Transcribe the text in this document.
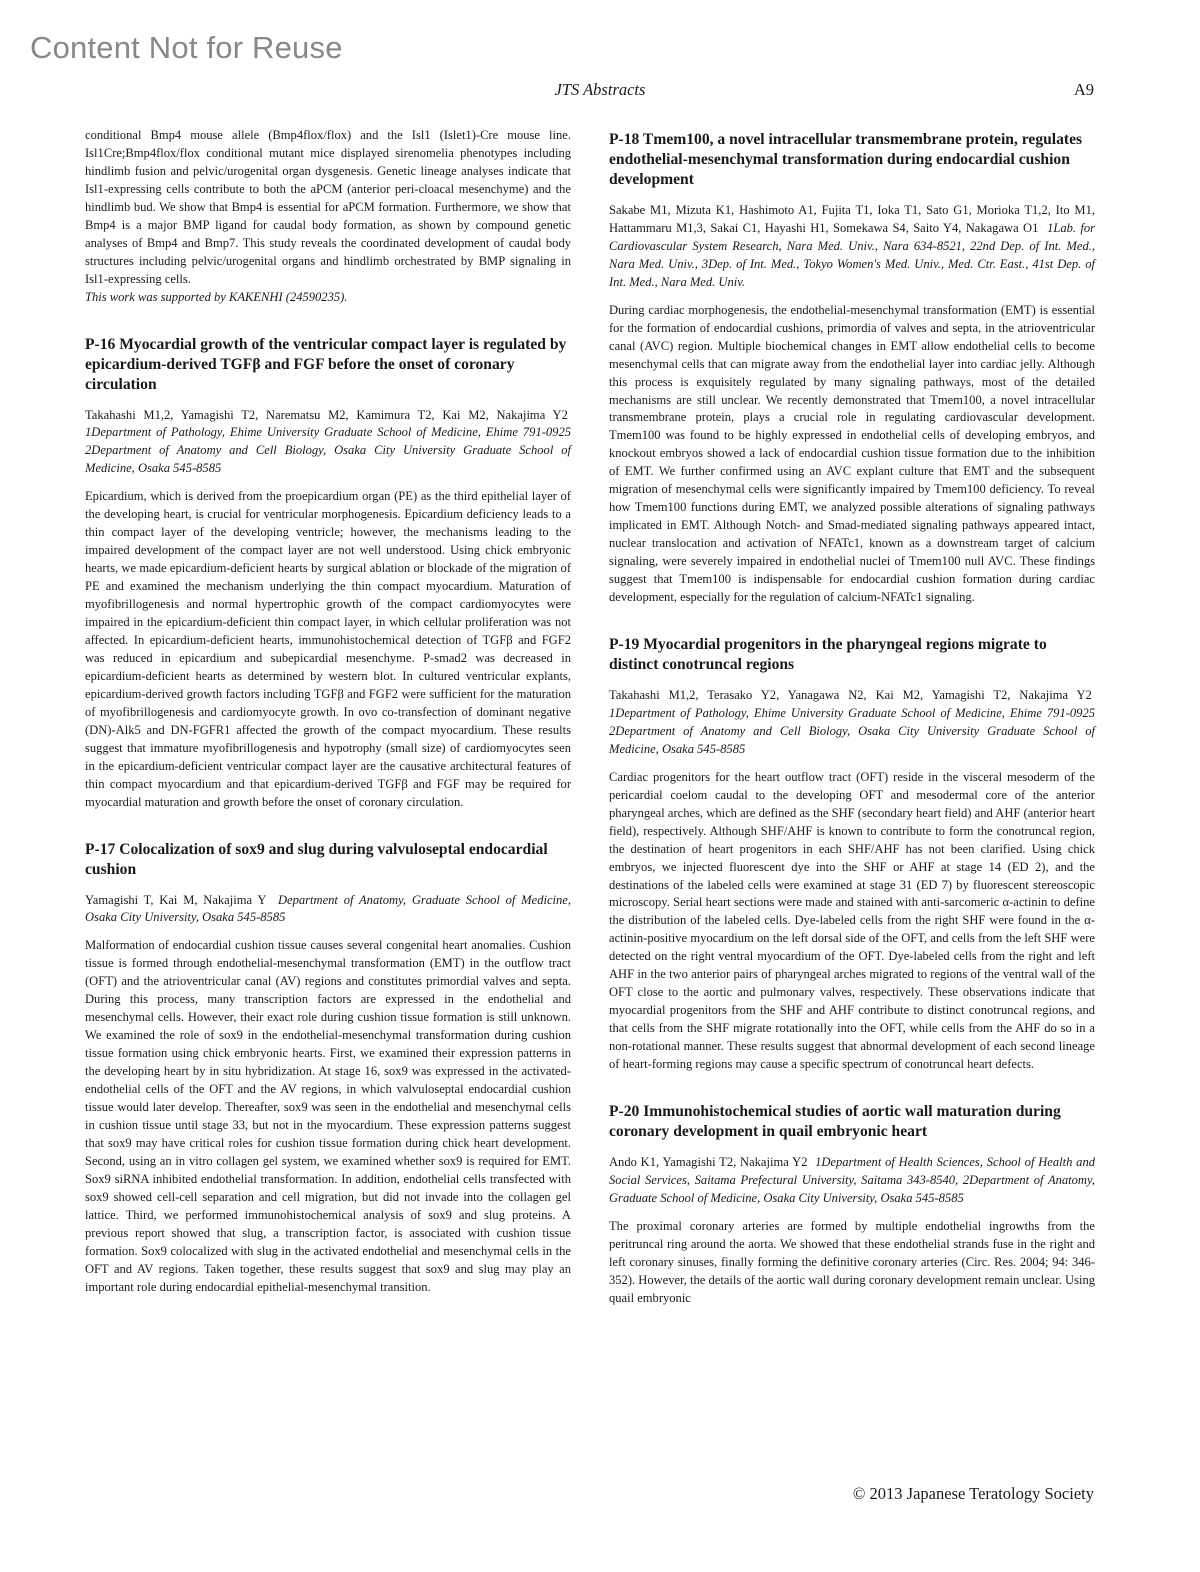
Content Not for Reuse
JTS Abstracts	A9

conditional Bmp4 mouse allele (Bmp4flox/flox) and the Isl1 (Islet1)-Cre mouse line. Isl1Cre;Bmp4flox/flox conditional mutant mice displayed sirenomelia phenotypes including hindlimb fusion and pelvic/urogenital organ dysgenesis. Genetic lineage analyses indicate that Isl1-expressing cells contribute to both the aPCM (anterior peri-cloacal mesenchyme) and the hindlimb bud. We show that Bmp4 is essential for aPCM formation. Furthermore, we show that Bmp4 is a major BMP ligand for caudal body formation, as shown by compound genetic analyses of Bmp4 and Bmp7. This study reveals the coordinated development of caudal body structures including pelvic/urogenital organs and hindlimb orchestrated by BMP signaling in Isl1-expressing cells.

This work was supported by KAKENHI (24590235).

P-16 Myocardial growth of the ventricular compact layer is regulated by epicardium-derived TGFβ and FGF before the onset of coronary circulation

Takahashi M1,2, Yamagishi T2, Narematsu M2, Kamimura T2, Kai M2, Nakajima Y2  1Department of Pathology, Ehime University Graduate School of Medicine, Ehime 791-0925 2Department of Anatomy and Cell Biology, Osaka City University Graduate School of Medicine, Osaka 545-8585

Epicardium, which is derived from the proepicardium organ (PE) as the third epithelial layer of the developing heart, is crucial for ventricular morphogenesis. Epicardium deficiency leads to a thin compact layer of the developing ventricle; however, the mechanisms leading to the impaired development of the compact layer are not well understood. Using chick embryonic hearts, we made epicardium-deficient hearts by surgical ablation or blockade of the migration of PE and examined the mechanism underlying the thin compact myocardium. Maturation of myofibrillogenesis and normal hypertrophic growth of the compact cardiomyocytes were impaired in the epicardium-deficient thin compact layer, in which cellular proliferation was not affected. In epicardium-deficient hearts, immunohistochemical detection of TGFβ and FGF2 was reduced in epicardium and subepicardial mesenchyme. P-smad2 was decreased in epicardium-deficient hearts as determined by western blot. In cultured ventricular explants, epicardium-derived growth factors including TGFβ and FGF2 were sufficient for the maturation of myofibrillogenesis and cardiomyocyte growth. In ovo co-transfection of dominant negative (DN)-Alk5 and DN-FGFR1 affected the growth of the compact myocardium. These results suggest that immature myofibrillogenesis and hypotrophy (small size) of cardiomyocytes seen in the epicardium-deficient ventricular compact layer are the causative architectural features of thin compact myocardium and that epicardium-derived TGFβ and FGF may be required for myocardial maturation and growth before the onset of coronary circulation.

P-17 Colocalization of sox9 and slug during valvuloseptal endocardial cushion

Yamagishi T, Kai M, Nakajima Y Department of Anatomy, Graduate School of Medicine, Osaka City University, Osaka 545-8585

Malformation of endocardial cushion tissue causes several congenital heart anomalies. Cushion tissue is formed through endothelial-mesenchymal transformation (EMT) in the outflow tract (OFT) and the atrioventricular canal (AV) regions and constitutes primordial valves and septa. During this process, many transcription factors are expressed in the endothelial and mesenchymal cells. However, their exact role during cushion tissue formation is still unknown. We examined the role of sox9 in the endothelial-mesenchymal transformation during cushion tissue formation using chick embryonic hearts. First, we examined their expression patterns in the developing heart by in situ hybridization. At stage 16, sox9 was expressed in the activated-endothelial cells of the OFT and the AV regions, in which valvuloseptal endocardial cushion tissue would later develop. Thereafter, sox9 was seen in the endothelial and mesenchymal cells in cushion tissue until stage 33, but not in the myocardium. These expression patterns suggest that sox9 may have critical roles for cushion tissue formation during chick heart development. Second, using an in vitro collagen gel system, we examined whether sox9 is required for EMT. Sox9 siRNA inhibited endothelial transformation. In addition, endothelial cells transfected with sox9 showed cell-cell separation and cell migration, but did not invade into the collagen gel lattice. Third, we performed immunohistochemical analysis of sox9 and slug proteins. A previous report showed that slug, a transcription factor, is associated with cushion tissue formation. Sox9 colocalized with slug in the activated endothelial and mesenchymal cells in the OFT and AV regions. Taken together, these results suggest that sox9 and slug may play an important role during endocardial epithelial-mesenchymal transition.

P-18 Tmem100, a novel intracellular transmembrane protein, regulates endothelial-mesenchymal transformation during endocardial cushion development

Sakabe M1, Mizuta K1, Hashimoto A1, Fujita T1, Ioka T1, Sato G1, Morioka T1,2, Ito M1, Hattammaru M1,3, Sakai C1, Hayashi H1, Somekawa S4, Saito Y4, Nakagawa O1 1Lab. for Cardiovascular System Research, Nara Med. Univ., Nara 634-8521, 22nd Dep. of Int. Med., Nara Med. Univ., 3Dep. of Int. Med., Tokyo Women's Med. Univ., Med. Ctr. East., 41st Dep. of Int. Med., Nara Med. Univ.

During cardiac morphogenesis, the endothelial-mesenchymal transformation (EMT) is essential for the formation of endocardial cushions, primordia of valves and septa, in the atrioventricular canal (AVC) region. Multiple biochemical changes in EMT allow endothelial cells to become mesenchymal cells that can migrate away from the endothelial layer into cardiac jelly. Although this process is exquisitely regulated by many signaling pathways, most of the detailed mechanisms are still unclear. We recently demonstrated that Tmem100, a novel intracellular transmembrane protein, plays a crucial role in regulating cardiovascular development. Tmem100 was found to be highly expressed in endothelial cells of developing embryos, and knockout embryos showed a lack of endocardial cushion tissue formation due to the inhibition of EMT. We further confirmed using an AVC explant culture that EMT and the subsequent migration of mesenchymal cells were significantly impaired by Tmem100 deficiency. To reveal how Tmem100 functions during EMT, we analyzed possible alterations of signaling pathways implicated in EMT. Although Notch- and Smad-mediated signaling pathways appeared intact, nuclear translocation and activation of NFATc1, known as a downstream target of calcium signaling, were severely impaired in endothelial nuclei of Tmem100 null AVC. These findings suggest that Tmem100 is indispensable for endocardial cushion formation during cardiac development, especially for the regulation of calcium-NFATc1 signaling.

P-19 Myocardial progenitors in the pharyngeal regions migrate to distinct conotruncal regions

Takahashi M1,2, Terasako Y2, Yanagawa N2, Kai M2, Yamagishi T2, Nakajima Y2  1Department of Pathology, Ehime University Graduate School of Medicine, Ehime 791-0925 2Department of Anatomy and Cell Biology, Osaka City University Graduate School of Medicine, Osaka 545-8585

Cardiac progenitors for the heart outflow tract (OFT) reside in the visceral mesoderm of the pericardial coelom caudal to the developing OFT and mesodermal core of the anterior pharyngeal arches, which are defined as the SHF (secondary heart field) and AHF (anterior heart field), respectively. Although SHF/AHF is known to contribute to form the conotruncal region, the destination of heart progenitors in each SHF/AHF has not been clarified. Using chick embryos, we injected fluorescent dye into the SHF or AHF at stage 14 (ED 2), and the destinations of the labeled cells were examined at stage 31 (ED 7) by fluorescent stereoscopic microscopy. Serial heart sections were made and stained with anti-sarcomeric α-actinin to define the distribution of the labeled cells. Dye-labeled cells from the right SHF were found in the α-actinin-positive myocardium on the left dorsal side of the OFT, and cells from the left SHF were detected on the right ventral myocardium of the OFT. Dye-labeled cells from the right and left AHF in the two anterior pairs of pharyngeal arches migrated to regions of the ventral wall of the OFT close to the aortic and pulmonary valves, respectively. These observations indicate that myocardial progenitors from the SHF and AHF contribute to distinct conotruncal regions, and that cells from the SHF migrate rotationally into the OFT, while cells from the AHF do so in a non-rotational manner. These results suggest that abnormal development of each second lineage of heart-forming regions may cause a specific spectrum of conotruncal heart defects.

P-20 Immunohistochemical studies of aortic wall maturation during coronary development in quail embryonic heart

Ando K1, Yamagishi T2, Nakajima Y2 1Department of Health Sciences, School of Health and Social Services, Saitama Prefectural University, Saitama 343-8540, 2Department of Anatomy, Graduate School of Medicine, Osaka City University, Osaka 545-8585

The proximal coronary arteries are formed by multiple endothelial ingrowths from the peritruncal ring around the aorta. We showed that these endothelial strands fuse in the right and left coronary sinuses, finally forming the definitive coronary arteries (Circ. Res. 2004; 94: 346-352). However, the details of the aortic wall during coronary development remain unclear. Using quail embryonic

© 2013 Japanese Teratology Society
